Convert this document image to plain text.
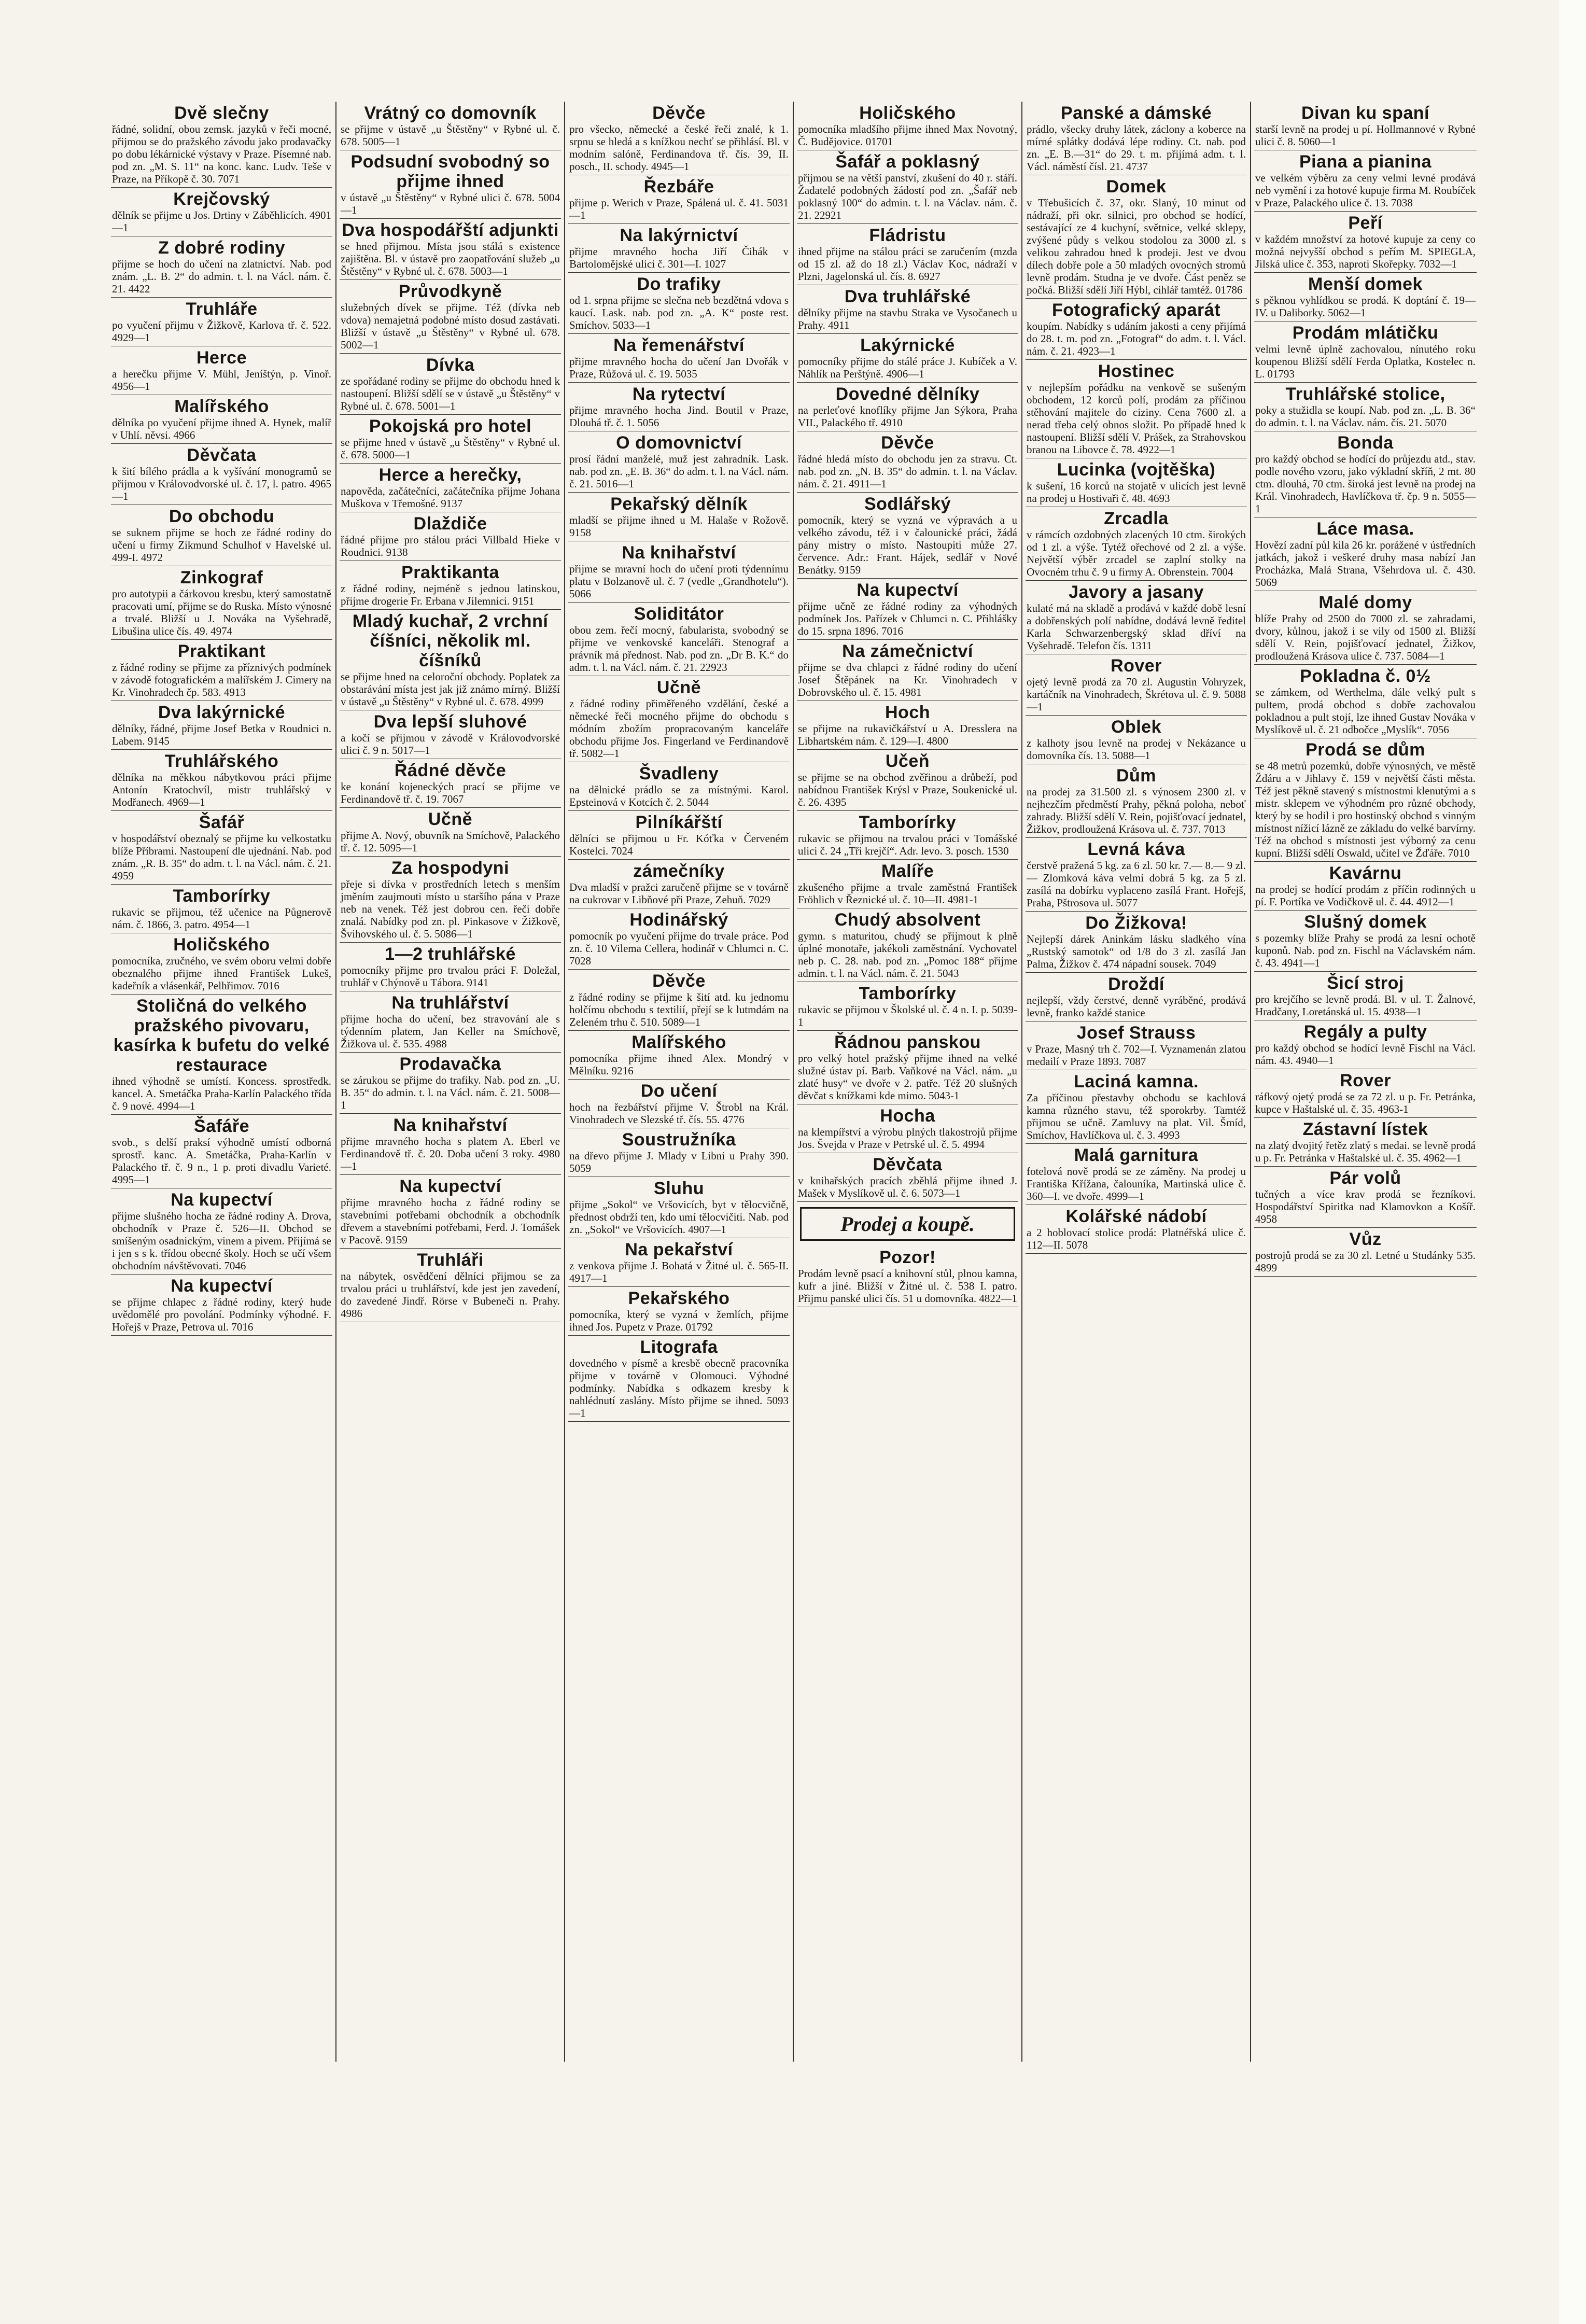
Dvě slečny
řádné, solidní, obou zemsk. jazyků v řeči mocné, přijmou se do pražského závodu jako prodavačky po dobu lékárnické výstavy v Praze. Písemné nab. pod zn. „M. S. 11“ na konc. kanc. Ludv. Teše v Praze, na Příkopě č. 30. 7071
Krejčovský
dělník se přijme u Jos. Drtiny v Záběhlicích. 4901—1
Z dobré rodiny
přijme se hoch do učení na zlatnictví. Nab. pod znám. „L. B. 2“ do admin. t. l. na Václ. nám. č. 21. 4422
Truhláře
po vyučení přijmu v Žižkově, Karlova tř. č. 522. 4929—1
Herce
a herečku přijme V. Mühl, Jeníštýn, p. Vinoř. 4956—1
Malířského
dělníka po vyučení přijme ihned A. Hynek, malíř v Uhlí. něvsi. 4966
Děvčata
k šití bílého prádla a k vyšívání monogramů se přijmou v Královodvorské ul. č. 17, l. patro. 4965—1
Do obchodu
se suknem přijme se hoch ze řádné rodiny do učení u firmy Zikmund Schulhof v Havelské ul. 499-I. 4972
Zinkograf
pro autotypii a čárkovou kresbu, který samostatně pracovati umí, přijme se do Ruska. Místo výnosné a trvalé. Bližší u J. Nováka na Vyšehradě, Libušina ulice čís. 49. 4974
Praktikant
z řádné rodiny se přijme za příznivých podmínek v závodě fotografickém a malířském J. Cimery na Kr. Vinohradech čp. 583. 4913
Dva lakýrnické
dělníky, řádné, přijme Josef Betka v Roudnici n. Labem. 9145
Truhlářského
dělníka na měkkou nábytkovou práci přijme Antonín Kratochvíl, mistr truhlářský v Modřanech. 4969—1
Šafář
v hospodářství obeznalý se přijme ku velkostatku blíže Příbrami. Nastoupení dle ujednání. Nab. pod znám. „R. B. 35“ do adm. t. l. na Václ. nám. č. 21. 4959
Tamborírky
rukavic se přijmou, též učenice na Půgnerově nám. č. 1866, 3. patro. 4954—1
Holičského
pomocníka, zručného, ve svém oboru velmi dobře obeznalého přijme ihned František Lukeš, kadeřník a vlásenkář, Pelhřimov. 7016
Stoličná do velkého pražského pivovaru, kasírka k bufetu do velké restaurace
ihned výhodně se umístí. Koncess. sprostředk. kancel. A. Smetáčka Praha-Karlín Palackého třída č. 9 nové. 4994—1
Šafáře
svob., s delší praksí výhodně umístí odborná sprostř. kanc. A. Smetáčka, Praha-Karlín v Palackého tř. č. 9 n., 1 p. proti divadlu Varieté. 4995—1
Na kupectví
přijme slušného hocha ze řádné rodiny A. Drova, obchodník v Praze č. 526—II. Obchod se smíšeným osadnickým, vinem a pivem. Přijímá se i jen s s k. třídou obecné školy. Hoch se učí všem obchodním návštěvovati. 7046
Na kupectví
se přijme chlapec z řádné rodiny, který hude uvědomělé pro povolání. Podmínky výhodné. F. Hořejš v Praze, Petrova ul. 7016
Vrátný co domovník
se přijme v ústavě „u Štěstěny“ v Rybné ul. č. 678. 5005—1
Podsudní svobodný so přijme ihned
v ústavě „u Štěstěny“ v Rybné ulici č. 678. 5004—1
Dva hospodářští adjunkti
se hned přijmou. Místa jsou stálá s existence zajištěna. Bl. v ústavě pro zaopatřování služeb „u Štěstěny“ v Rybné ul. č. 678. 5003—1
Průvodkyně
služebných dívek se přijme. Též (dívka neb vdova) nemajetná podobné místo dosud zastávati. Bližší v ústavě „u Štěstěny“ v Rybné ul. 678. 5002—1
Dívka
ze spořádané rodiny se přijme do obchodu hned k nastoupení. Bližší sdělí se v ústavě „u Štěstěny“ v Rybné ul. č. 678. 5001—1
Pokojská pro hotel
se přijme hned v ústavě „u Štěstěny“ v Rybné ul. č. 678. 5000—1
Herce a herečky,
napověda, začátečníci, začátečníka přijme Johana Muškova v Třemošné. 9137
Dlaždiče
řádné přijme pro stálou práci Villbald Hieke v Roudnici. 9138
Praktikanta
z řádné rodiny, nejméně s jednou latinskou, přijme drogerie Fr. Erbana v Jilemnici. 9151
Mladý kuchař, 2 vrchní číšníci, několik ml. číšníků
se přijme hned na celoroční obchody. Poplatek za obstarávání místa jest jak již známo mírný. Bližší v ústavě „u Štěstěny“ v Rybné ul. č. 678. 4999
Dva lepší sluhové
a kočí se přijmou v závodě v Královodvorské ulici č. 9 n. 5017—1
Řádné děvče
ke konání kojeneckých prací se přijme ve Ferdinandově tř. č. 19. 7067
Učně
přijme A. Nový, obuvník na Smíchově, Palackého tř. č. 12. 5095—1
Za hospodyni
přeje si dívka v prostředních letech s menším jměním zaujmouti místo u staršího pána v Praze neb na venek. Též jest dobrou cen. řeči dobře znalá. Nabídky pod zn. pl. Pinkasove v Žižkově, Švihovského ul. č. 5. 5086—1
1—2 truhlářské
pomocníky přijme pro trvalou práci F. Doležal, truhlář v Chýnově u Tábora. 9141
Na truhlářství
přijme hocha do učení, bez stravování ale s týdenním platem, Jan Keller na Smíchově, Žižkova ul. č. 535. 4988
Prodavačka
se zárukou se přijme do trafiky. Nab. pod zn. „U. B. 35“ do admin. t. l. na Václ. nám. č. 21. 5008—1
Na knihařství
přijme mravného hocha s platem A. Eberl ve Ferdinandově tř. č. 20. Doba učení 3 roky. 4980—1
Na kupectví
přijme mravného hocha z řádné rodiny se stavebními potřebami obchodník a obchodník dřevem a stavebními potřebami, Ferd. J. Tomášek v Pacově. 9159
Truhláři
na nábytek, osvědčení dělníci přijmou se za trvalou práci u truhlářství, kde jest jen zavedení, do zavedené Jindř. Rörse v Bubeneči n. Prahy. 4986
Děvče
pro všecko, německé a české řeči znalé, k 1. srpnu se hledá a s knížkou nechť se přihlásí. Bl. v modním salóně, Ferdinandova tř. čís. 39, II. posch., II. schody. 4945—1
Řezbáře
přijme p. Werich v Praze, Spálená ul. č. 41. 5031—1
Na lakýrnictví
přijme mravného hocha Jiří Čihák v Bartolomějské ulici č. 301—I. 1027
Do trafiky
od 1. srpna přijme se slečna neb bezdětná vdova s kaucí. Lask. nab. pod zn. „A. K“ poste rest. Smíchov. 5033—1
Na řemenářství
přijme mravného hocha do učení Jan Dvořák v Praze, Růžová ul. č. 19. 5035
Na rytectví
přijme mravného hocha Jind. Boutil v Praze, Dlouhá tř. č. 1. 5056
O domovnictví
prosí řádní manželé, muž jest zahradník. Lask. nab. pod zn. „E. B. 36“ do adm. t. l. na Václ. nám. č. 21. 5016—1
Pekařský dělník
mladší se přijme ihned u M. Halaše v Rožově. 9158
Na knihařství
přijme se mravní hoch do učení proti týdennímu platu v Bolzanově ul. č. 7 (vedle „Grandhotelu“). 5066
Soliditátor
obou zem. řečí mocný, fabularista, svobodný se přijme ve venkovské kanceláři. Stenograf a právník má přednost. Nab. pod zn. „Dr B. K.“ do adm. t. l. na Václ. nám. č. 21. 22923
Učně
z řádné rodiny přiměřeného vzdělání, české a německé řeči mocného přijme do obchodu s módním zbožím propracovaným kanceláře obchodu přijme Jos. Fingerland ve Ferdinandově tř. 5082—1
Švadleny
na dělnické prádlo se za místnými. Karol. Epsteinová v Kotcích č. 2. 5044
Pilníkářští
dělníci se přijmou u Fr. Kóťka v Červeném Kostelci. 7024
zámečníky
Dva mladší v pražci zaručeně přijme se v továrně na cukrovar v Libňové při Praze, Zehuň. 7029
Hodinářský
pomocník po vyučení přijme do trvale práce. Pod zn. č. 10 Vilema Cellera, hodinář v Chlumci n. C. 7028
Děvče
z řádné rodiny se přijme k šití atd. ku jednomu holčímu obchodu s textilií, přejí se k lutmdám na Zeleném trhu č. 510. 5089—1
Malířského
pomocníka přijme ihned Alex. Mondrý v Mělníku. 9216
Do učení
hoch na řezbářství přijme V. Štrobl na Král. Vinohradech ve Slezské tř. čís. 55. 4776
Soustružníka
na dřevo přijme J. Mlady v Libni u Prahy 390. 5059
Sluhu
přijme „Sokol“ ve Vršovicích, byt v tělocvičně, přednost obdrží ten, kdo umí tělocvičiti. Nab. pod zn. „Sokol“ ve Vršovicích. 4907—1
Na pekařství
z venkova přijme J. Bohatá v Žitné ul. č. 565-II. 4917—1
Pekařského
pomocníka, který se vyzná v žemlích, přijme ihned Jos. Pupetz v Praze. 01792
Litografa
dovedného v písmě a kresbě obecně pracovníka přijme v továrně v Olomouci. Výhodné podmínky. Nabídka s odkazem kresby k nahlédnutí zaslány. Místo přijme se ihned. 5093—1
Holičského
pomocníka mladšího přijme ihned Max Novotný, Č. Budějovice. 01701
Šafář a poklasný
přijmou se na větší panství, zkušení do 40 r. stáří. Žadatelé podobných žádostí pod zn. „Šafář neb poklasný 100“ do admin. t. l. na Václav. nám. č. 21. 22921
Fládristu
ihned přijme na stálou práci se zaručením (mzda od 15 zl. až do 18 zl.) Václav Koc, nádraží v Plzni, Jagelonská ul. čís. 8. 6927
Dva truhlářské
dělníky přijme na stavbu Straka ve Vysočanech u Prahy. 4911
Lakýrnické
pomocníky přijme do stálé práce J. Kubíček a V. Náhlík na Perštýně. 4906—1
Dovedné dělníky
na perleťové knoflíky přijme Jan Sýkora, Praha VII., Palackého tř. 4910
Děvče
řádné hledá místo do obchodu jen za stravu. Ct. nab. pod zn. „N. B. 35“ do admin. t. l. na Václav. nám. č. 21. 4911—1
Sodlářský
pomocník, který se vyzná ve výpravách a u velkého závodu, též i v čalounické práci, žádá pány mistry o místo. Nastoupiti může 27. července. Adr.: Frant. Hájek, sedlář v Nové Benátky. 9159
Na kupectví
přijme učně ze řádné rodiny za výhodných podmínek Jos. Pařízek v Chlumci n. C. Přihlášky do 15. srpna 1896. 7016
Na zámečnictví
přijme se dva chlapci z řádné rodiny do učení Josef Štěpánek na Kr. Vinohradech v Dobrovského ul. č. 15. 4981
Hoch
se přijme na rukavičkářství u A. Dresslera na Libhartském nám. č. 129—I. 4800
Učeň
se přijme se na obchod zvěřinou a drůbeží, pod nabídnou František Krýsl v Praze, Soukenické ul. č. 26. 4395
Tamborírky
rukavic se přijmou na trvalou práci v Tomášské ulici č. 24 „Tři krejčí“. Adr. levo. 3. posch. 1530
Malíře
zkušeného přijme a trvale zaměstná František Fröhlich v Řeznické ul. č. 10—II. 4981-1
Chudý absolvent
gymn. s maturitou, chudý se přijmout k plně úplné monotaře, jakékoli zaměstnání. Vychovatel neb p. C. 28. nab. pod zn. „Pomoc 188“ přijme admin. t. l. na Václ. nám. č. 21. 5043
Tamborírky
rukavic se přijmou v Školské ul. č. 4 n. I. p. 5039-1
Řádnou panskou
pro velký hotel pražský přijme ihned na velké služné ústav pí. Barb. Vaňkové na Václ. nám. „u zlaté husy“ ve dvoře v 2. patře. Též 20 slušných děvčat s knížkami kde mimo. 5043-1
Hocha
na klempířství a výrobu plných tlakostrojů přijme Jos. Švejda v Praze v Petrské ul. č. 5. 4994
Děvčata
v knihařských pracích zběhlá přijme ihned J. Mašek v Myslíkově ul. č. 6. 5073—1
Prodej a koupě.
Pozor!
Prodám levně psací a knihovní stůl, plnou kamna, kufr a jiné. Bližší v Žitné ul. č. 538 I. patro. Přijmu panské ulici čís. 51 u domovníka. 4822—1
Panské a dámské
prádlo, všecky druhy látek, záclony a koberce na mírné splátky dodává lépe rodiny. Ct. nab. pod zn. „E. B.—31“ do 29. t. m. přijímá adm. t. l. Václ. náměstí čísl. 21. 4737
Domek
v Třebušicích č. 37, okr. Slaný, 10 minut od nádraží, při okr. silnici, pro obchod se hodící, sestávající ze 4 kuchyní, světnice, velké sklepy, zvýšené půdy s velkou stodolou za 3000 zl. s velikou zahradou hned k prodeji. Jest ve dvou dílech dobře pole a 50 mladých ovocných stromů levně prodám. Studna je ve dvoře. Část peněz se počká. Bližší sdělí Jiří Hýbl, cihlář tamtéž. 01786
Fotografický aparát
koupím. Nabídky s udáním jakosti a ceny přijímá do 28. t. m. pod zn. „Fotograf“ do adm. t. l. Václ. nám. č. 21. 4923—1
Hostinec
v nejlepším pořádku na venkově se sušeným obchodem, 12 korců polí, prodám za příčinou stěhování majitele do ciziny. Cena 7600 zl. a nerad třeba celý obnos složit. Po případě hned k nastoupení. Bližší sdělí V. Prášek, za Strahovskou branou na Libovce č. 78. 4922—1
Lucinka (vojtěška)
k sušení, 16 korců na stojatě v ulicích jest levně na prodej u Hostivaři č. 48. 4693
Zrcadla
v rámcích ozdobných zlacených 10 ctm. širokých od 1 zl. a výše. Tytéž ořechové od 2 zl. a výše. Největší výběr zrcadel se zaplní stolky na Ovocném trhu č. 9 u firmy A. Obrenstein. 7004
Javory a jasany
kulaté má na skladě a prodává v každé době lesní a dobřenských polí nabídne, dodává levně ředitel Karla Schwarzenbergský sklad dříví na Vyšehradě. Telefon čís. 1311
Rover
ojetý levně prodá za 70 zl. Augustin Vohryzek, kartáčník na Vinohradech, Škrétova ul. č. 9. 5088—1
Oblek
z kalhoty jsou levně na prodej v Nekázance u domovníka čís. 13. 5088—1
Dům
na prodej za 31.500 zl. s výnosem 2300 zl. v nejhezčím předměstí Prahy, pěkná poloha, neboť zahrady. Bližší sdělí V. Rein, pojišťovací jednatel, Žižkov, prodloužená Krásova ul. č. 737. 7013
Levná káva
čerstvě pražená 5 kg. za 6 zl. 50 kr. 7.— 8.— 9 zl. — Zlomková káva velmi dobrá 5 kg. za 5 zl. zasílá na dobírku vyplaceno zasílá Frant. Hořejš, Praha, Pštrosova ul. 5077
Do Žižkova!
Nejlepší dárek Aninkám lásku sladkého vína „Rustský samotok“ od 1/8 do 3 zl. zasílá Jan Palma, Žižkov č. 474 nápadní sousek. 7049
Droždí
nejlepší, vždy čerstvé, denně vyráběné, prodává levně, franko každé stanice
Josef Strauss
v Praze, Masný trh č. 702—I. Vyznamenán zlatou medailí v Praze 1893. 7087
Laciná kamna.
Za příčinou přestavby obchodu se kachlová kamna různého stavu, též sporokrby. Tamtéž přijmou se učně. Zamluvy na plat. Vil. Šmíd, Smíchov, Havlíčkova ul. č. 3. 4993
Malá garnitura
fotelová nově prodá se ze záměny. Na prodej u Františka Křížana, čalouníka, Martinská ulice č. 360—I. ve dvoře. 4999—1
Kolářské nádobí
a 2 hoblovací stolice prodá: Platnéřská ulice č. 112—II. 5078
Divan ku spaní
starší levně na prodej u pí. Hollmannové v Rybné ulici č. 8. 5060—1
Piana a pianina
ve velkém výběru za ceny velmi levné prodává neb vymění i za hotové kupuje firma M. Roubíček v Praze, Palackého ulice č. 13. 7038
Peří
v každém množství za hotové kupuje za ceny co možná nejvyšší obchod s peřím M. SPIEGLA, Jilská ulice č. 353, naproti Skořepky. 7032—1
Menší domek
s pěknou vyhlídkou se prodá. K doptání č. 19—IV. u Daliborky. 5062—1
Prodám mlátičku
velmi levně úplně zachovalou, nínutého roku koupenou Bližší sdělí Ferda Oplatka, Kostelec n. L. 01793
Truhlářské stolice,
poky a stužidla se koupí. Nab. pod zn. „L. B. 36“ do admin. t. l. na Václav. nám. čís. 21. 5070
Bonda
pro každý obchod se hodící do průjezdu atd., stav. podle nového vzoru, jako výkladní skříň, 2 mt. 80 ctm. dlouhá, 70 ctm. široká jest levně na prodej na Král. Vinohradech, Havlíčkova tř. čp. 9 n. 5055—1
Láce masa.
Hovězí zadní půl kila 26 kr. porážené v ústředních jatkách, jakož i veškeré druhy masa nabízí Jan Procházka, Malá Strana, Všehrdova ul. č. 430. 5069
Malé domy
blíže Prahy od 2500 do 7000 zl. se zahradami, dvory, kůlnou, jakož i se vily od 1500 zl. Bližší sdělí V. Rein, pojišťovací jednatel, Žižkov, prodloužená Krásova ulice č. 737. 5084—1
Pokladna č. 0½
se zámkem, od Werthelma, dále velký pult s pultem, prodá obchod s dobře zachovalou pokladnou a pult stojí, lze ihned Gustav Nováka v Myslíkově ul. č. 21 odbočce „Myslík“. 7056
Prodá se dům
se 48 metrů pozemků, dobře výnosných, ve městě Ždáru a v Jihlavy č. 159 v největší části města. Též jest pěkně stavený s místnostmi klenutými a s mistr. sklepem ve výhodném pro různé obchody, který by se hodil i pro hostinský obchod s vinným místnost nížicí lázně ze základu do velké barvírny. Též na obchod s místnosti jest výborný za cenu kupní. Bližší sdělí Oswald, učitel ve Žďáře. 7010
Kavárnu
na prodej se hodící prodám z příčin rodinných u pí. F. Portíka ve Vodičkově ul. č. 44. 4912—1
Slušný domek
s pozemky blíže Prahy se prodá za lesní ochotě kuponů. Nab. pod zn. Fischl na Václavském nám. č. 43. 4941—1
Šicí stroj
pro krejčího se levně prodá. Bl. v ul. T. Žalnové, Hradčany, Loretánská ul. 15. 4938—1
Regály a pulty
pro každý obchod se hodící levně Fischl na Václ. nám. 43. 4940—1
Rover
ráfkový ojetý prodá se za 72 zl. u p. Fr. Petránka, kupce v Haštalské ul. č. 35. 4963-1
Zástavní lístek
na zlatý dvojitý řetěz zlatý s medai. se levně prodá u p. Fr. Petránka v Haštalské ul. č. 35. 4962—1
Pár volů
tučných a více krav prodá se řezníkovi. Hospodářství Spiritka nad Klamovkon a Košíř. 4958
Vůz
postrojů prodá se za 30 zl. Letné u Studánky 535. 4899
